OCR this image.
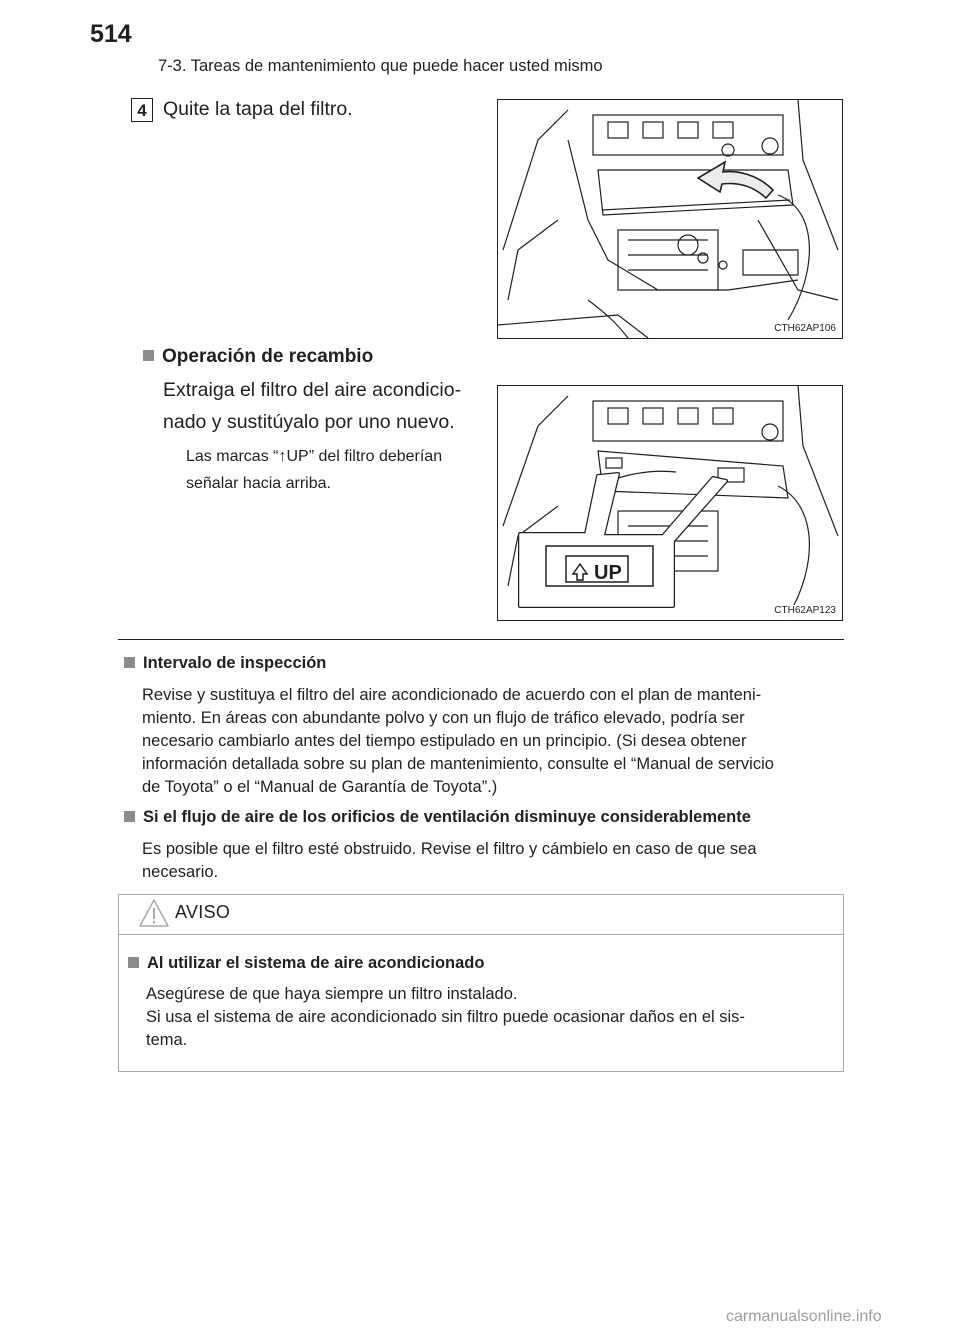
514
7-3. Tareas de mantenimiento que puede hacer usted mismo
4 Quite la tapa del filtro.
CTH62AP106
Operación de recambio
Extraiga el filtro del aire acondicio-
nado y sustitúyalo por uno nuevo.
Las marcas “↑UP” del filtro deberían
señalar hacia arriba.
UP
CTH62AP123
Intervalo de inspección
Revise y sustituya el filtro del aire acondicionado de acuerdo con el plan de manteni-
miento. En áreas con abundante polvo y con un flujo de tráfico elevado, podría ser
necesario cambiarlo antes del tiempo estipulado en un principio. (Si desea obtener
información detallada sobre su plan de mantenimiento, consulte el “Manual de servicio
de Toyota” o el “Manual de Garantía de Toyota”.)
Si el flujo de aire de los orificios de ventilación disminuye considerablemente
Es posible que el filtro esté obstruido. Revise el filtro y cámbielo en caso de que sea
necesario.
AVISO
Al utilizar el sistema de aire acondicionado
Asegúrese de que haya siempre un filtro instalado.
Si usa el sistema de aire acondicionado sin filtro puede ocasionar daños en el sis-
tema.
carmanualsonline.info
